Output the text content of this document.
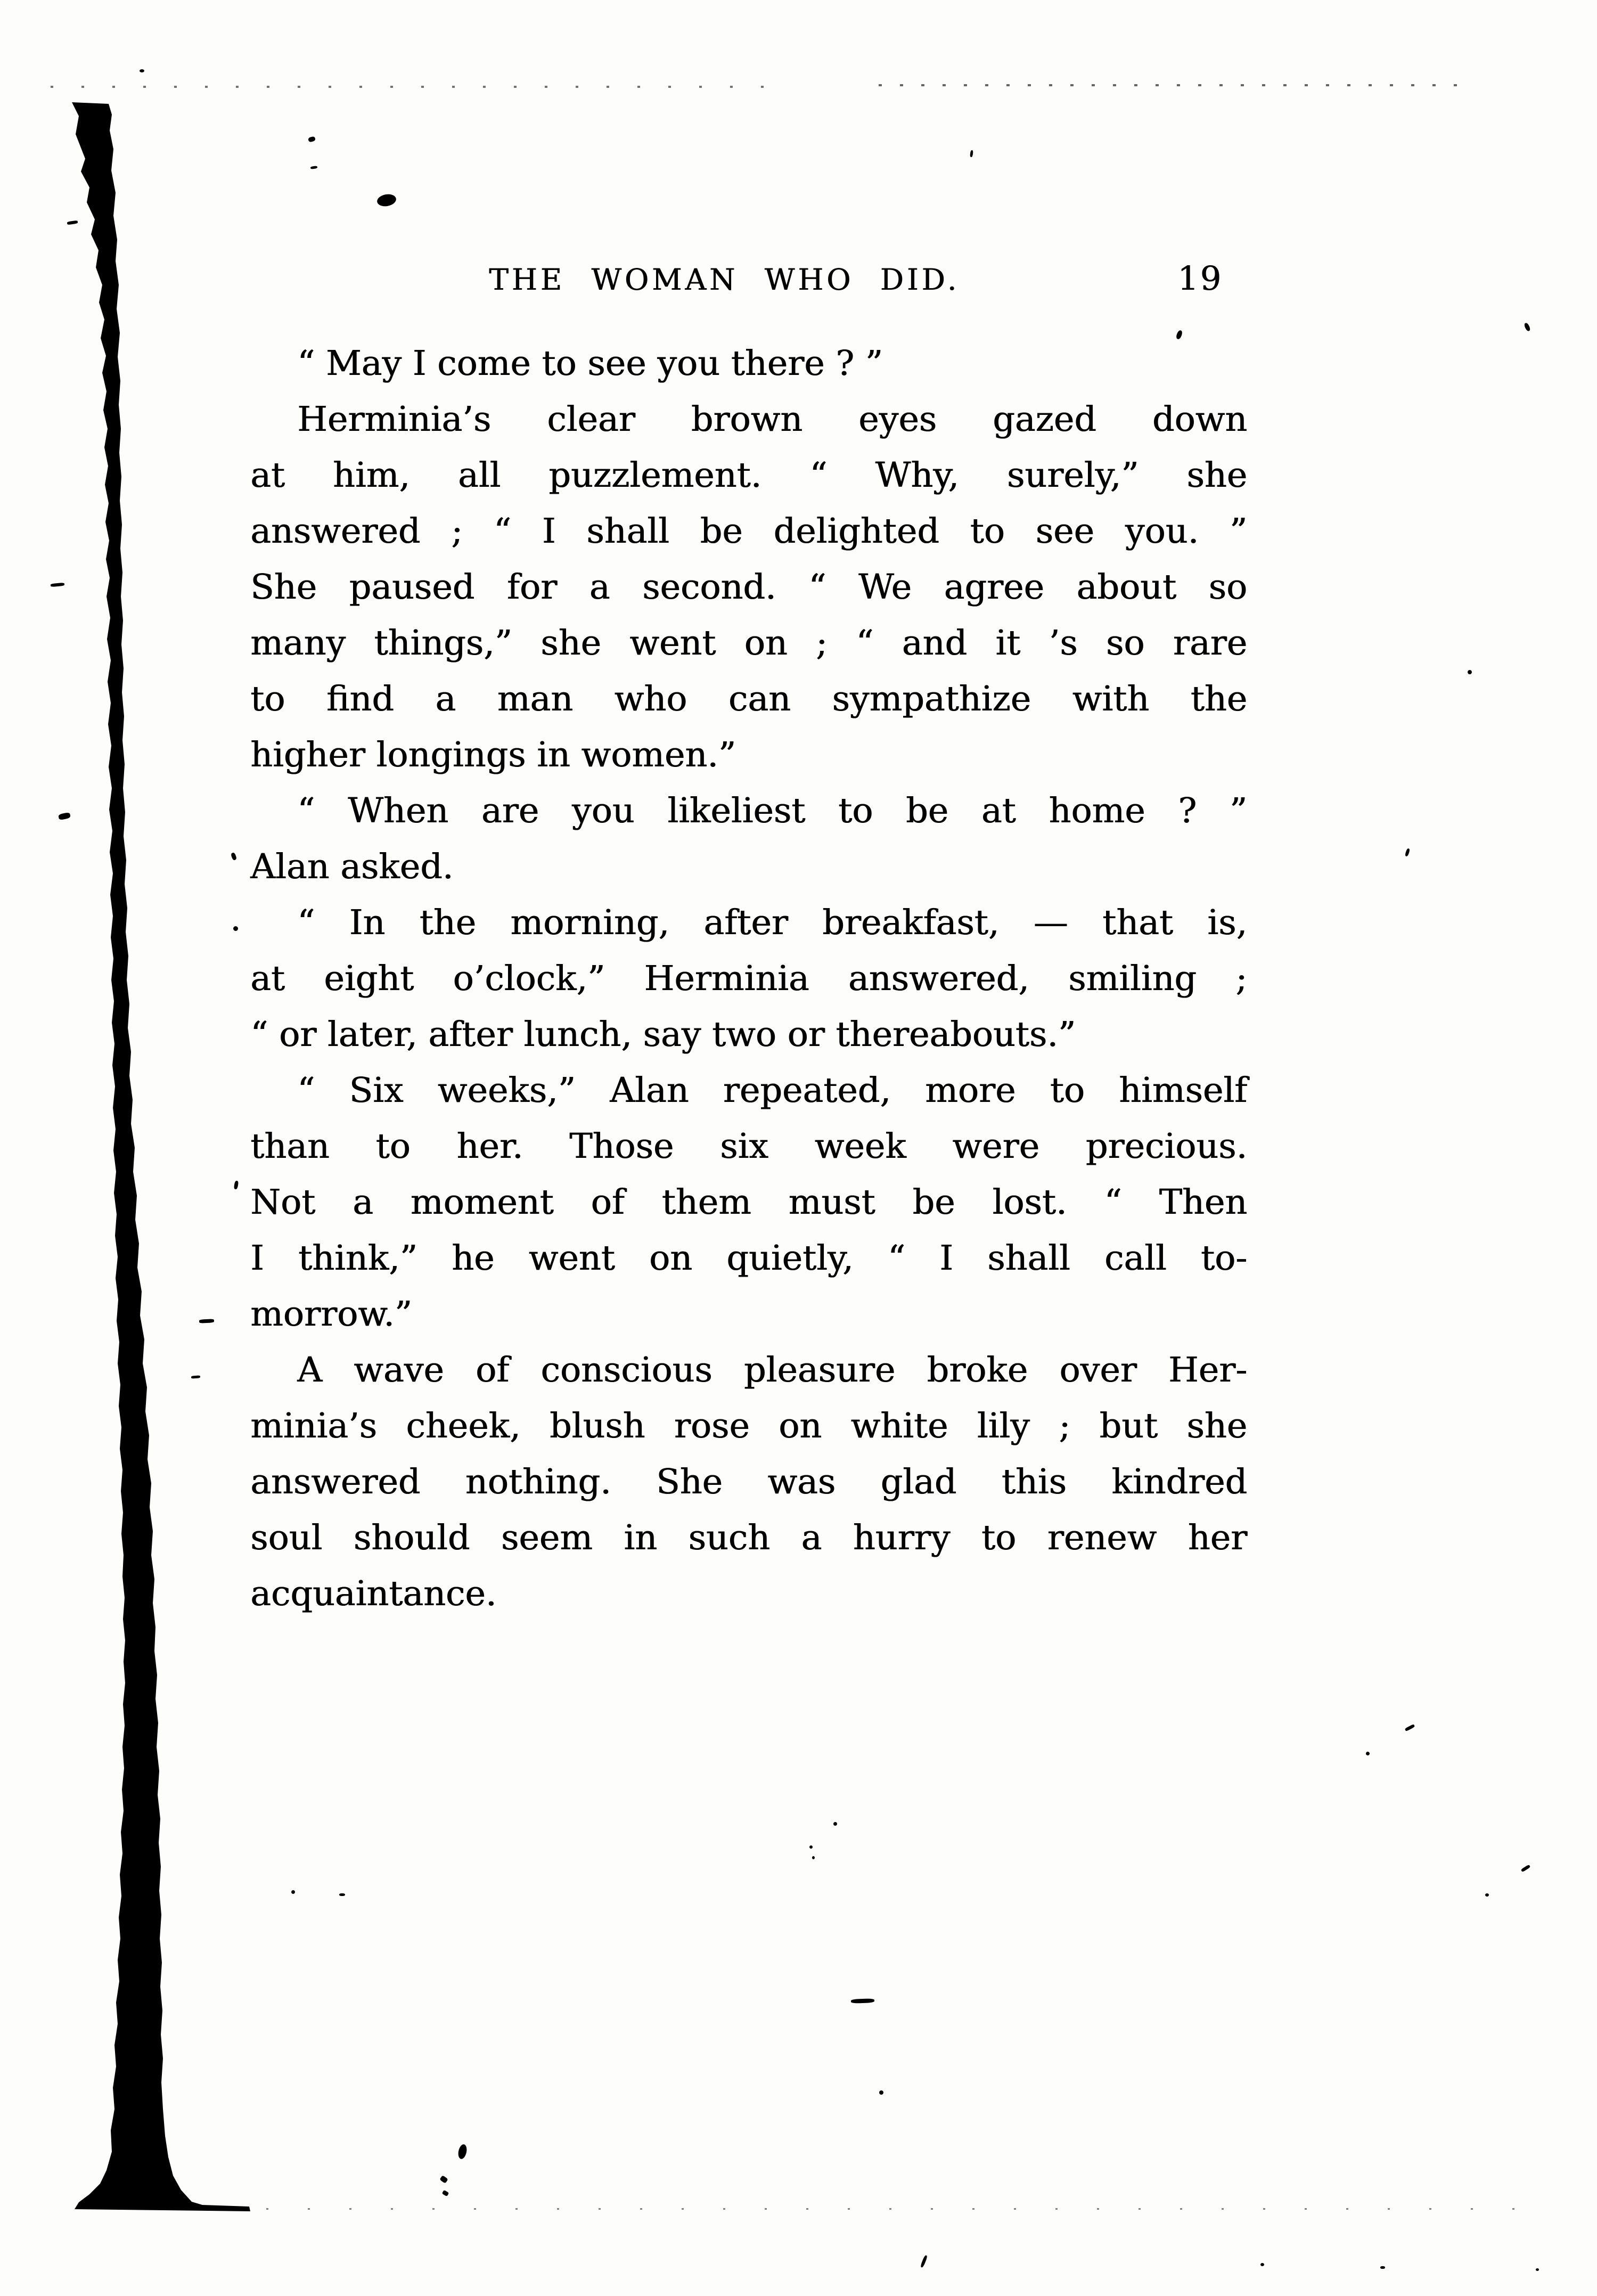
THE WOMAN WHO DID.	19

“ May I come to see you there ? ”

Herminia’s clear brown eyes gazed down
at him, all puzzlement. “ Why, surely,” she
answered ; “ I shall be delighted to see you. ”
She paused for a second. “ We agree about so
many things,” she went on ; “ and it ’s so rare
to find a man who can sympathize with the
higher longings in women.”

“ When are you likeliest to be at home ? ”
Alan asked.

“ In the morning, after breakfast, — that is,
at eight o’clock,” Herminia answered, smiling ;
“ or later, after lunch, say two or thereabouts.”

“ Six weeks,” Alan repeated, more to himself
than to her. Those six week were precious.
Not a moment of them must be lost. “ Then
I think,” he went on quietly, “ I shall call to-
morrow.”

A wave of conscious pleasure broke over Her-
minia’s cheek, blush rose on white lily ; but she
answered nothing. She was glad this kindred
soul should seem in such a hurry to renew her
acquaintance.
